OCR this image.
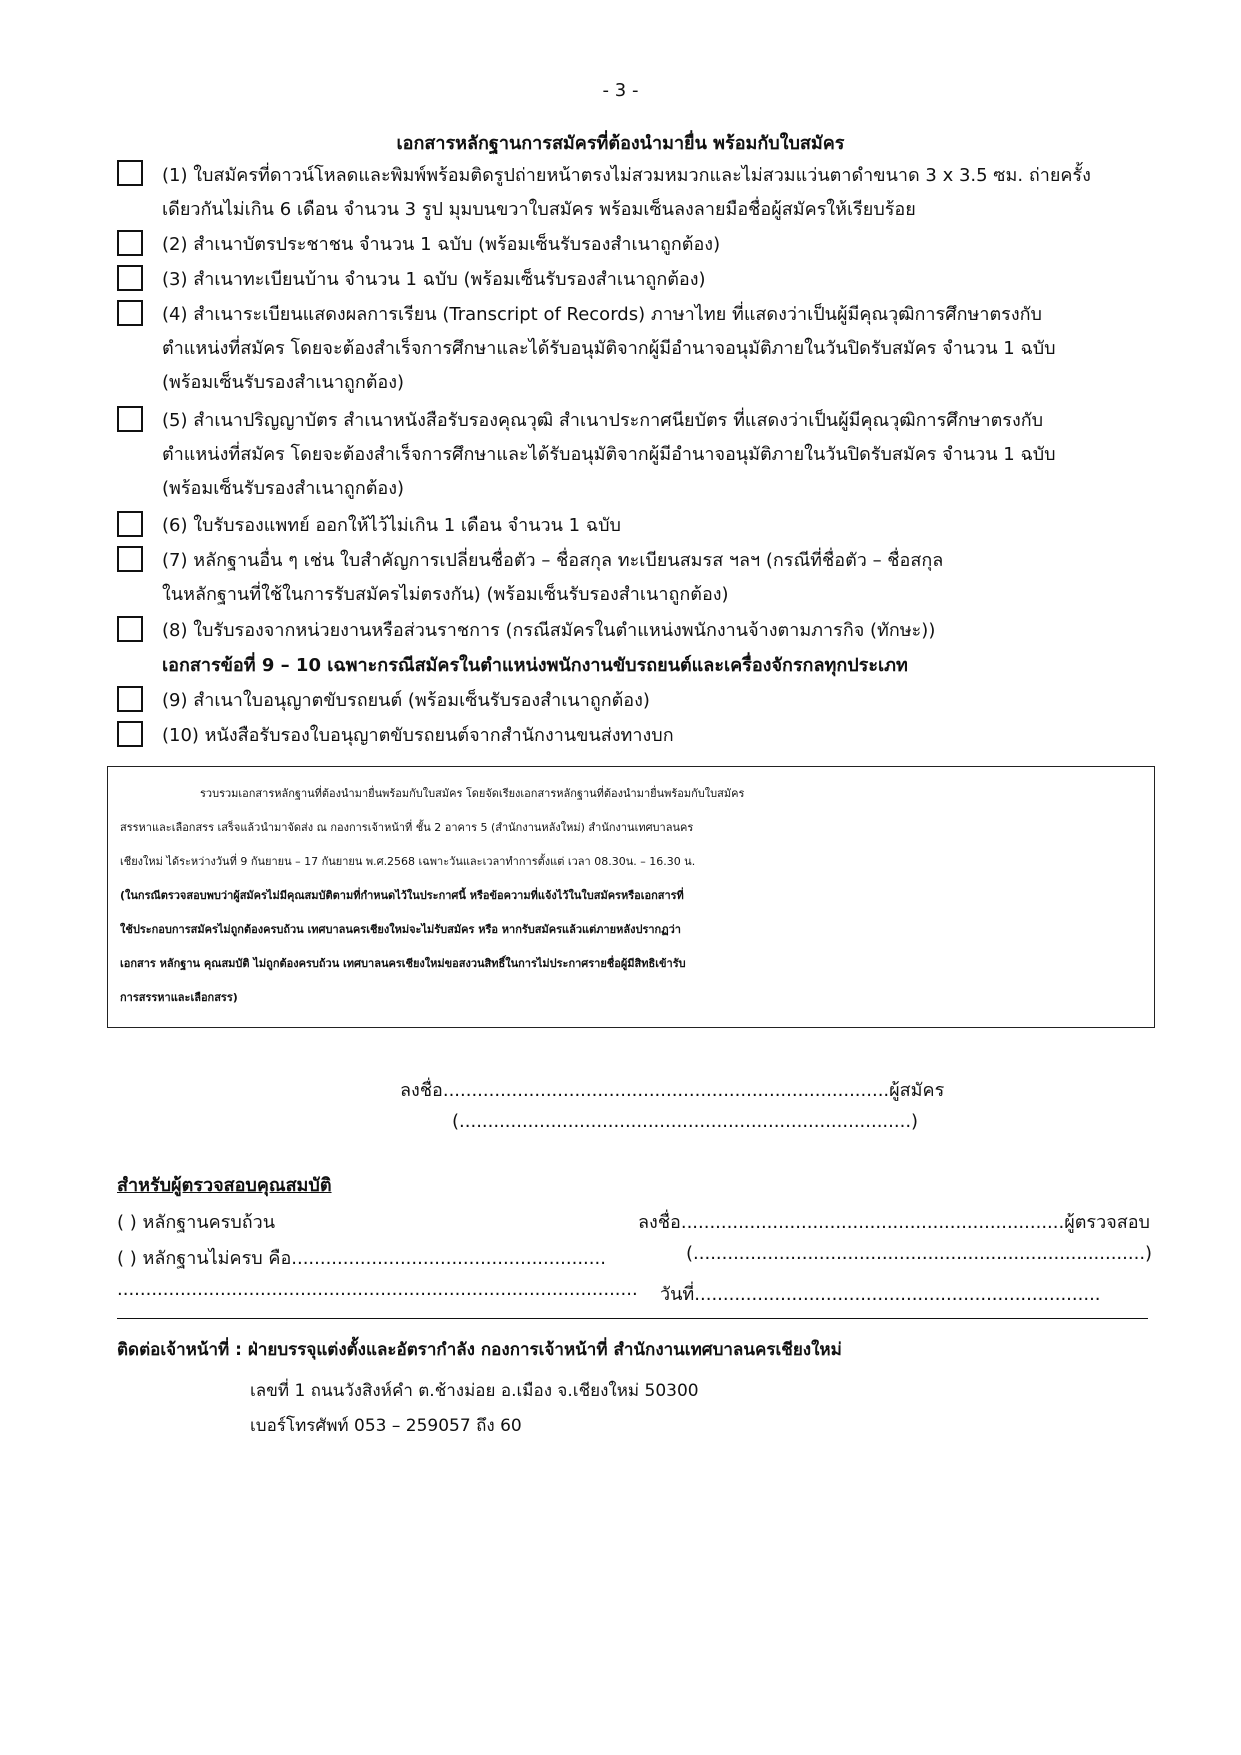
- 3 -
เอกสารหลักฐานการสมัครที่ต้องนำมายื่น พร้อมกับใบสมัคร
(1) ใบสมัครที่ดาวน์โหลดและพิมพ์พร้อมติดรูปถ่ายหน้าตรงไม่สวมหมวกและไม่สวมแว่นตาดำขนาด 3 x 3.5 ซม. ถ่ายครั้ง
เดียวกันไม่เกิน 6 เดือน จำนวน 3 รูป มุมบนขวาใบสมัคร พร้อมเซ็นลงลายมือชื่อผู้สมัครให้เรียบร้อย
(2) สำเนาบัตรประชาชน จำนวน 1 ฉบับ (พร้อมเซ็นรับรองสำเนาถูกต้อง)
(3) สำเนาทะเบียนบ้าน จำนวน 1 ฉบับ (พร้อมเซ็นรับรองสำเนาถูกต้อง)
(4) สำเนาระเบียนแสดงผลการเรียน (Transcript of Records) ภาษาไทย ที่แสดงว่าเป็นผู้มีคุณวุฒิการศึกษาตรงกับ
ตำแหน่งที่สมัคร โดยจะต้องสำเร็จการศึกษาและได้รับอนุมัติจากผู้มีอำนาจอนุมัติภายในวันปิดรับสมัคร จำนวน 1 ฉบับ
(พร้อมเซ็นรับรองสำเนาถูกต้อง)
(5) สำเนาปริญญาบัตร สำเนาหนังสือรับรองคุณวุฒิ สำเนาประกาศนียบัตร ที่แสดงว่าเป็นผู้มีคุณวุฒิการศึกษาตรงกับ
ตำแหน่งที่สมัคร โดยจะต้องสำเร็จการศึกษาและได้รับอนุมัติจากผู้มีอำนาจอนุมัติภายในวันปิดรับสมัคร จำนวน 1 ฉบับ
(พร้อมเซ็นรับรองสำเนาถูกต้อง)
(6) ใบรับรองแพทย์ ออกให้ไว้ไม่เกิน 1 เดือน จำนวน 1 ฉบับ
(7) หลักฐานอื่น ๆ เช่น ใบสำคัญการเปลี่ยนชื่อตัว – ชื่อสกุล ทะเบียนสมรส ฯลฯ (กรณีที่ชื่อตัว – ชื่อสกุล
ในหลักฐานที่ใช้ในการรับสมัครไม่ตรงกัน) (พร้อมเซ็นรับรองสำเนาถูกต้อง)
(8) ใบรับรองจากหน่วยงานหรือส่วนราชการ (กรณีสมัครในตำแหน่งพนักงานจ้างตามภารกิจ (ทักษะ))
เอกสารข้อที่ 9 – 10 เฉพาะกรณีสมัครในตำแหน่งพนักงานขับรถยนต์และเครื่องจักรกลทุกประเภท
(9) สำเนาใบอนุญาตขับรถยนต์ (พร้อมเซ็นรับรองสำเนาถูกต้อง)
(10) หนังสือรับรองใบอนุญาตขับรถยนต์จากสำนักงานขนส่งทางบก

รวบรวมเอกสารหลักฐานที่ต้องนำมายื่นพร้อมกับใบสมัคร โดยจัดเรียงเอกสารหลักฐานที่ต้องนำมายื่นพร้อมกับใบสมัคร

สรรหาและเลือกสรร เสร็จแล้วนำมาจัดส่ง ณ กองการเจ้าหน้าที่ ชั้น 2 อาคาร 5 (สำนักงานหลังใหม่) สำนักงานเทศบาลนคร

เชียงใหม่ ได้ระหว่างวันที่ 9 กันยายน – 17 กันยายน พ.ศ.2568 เฉพาะวันและเวลาทำการตั้งแต่ เวลา 08.30น. – 16.30 น.

(ในกรณีตรวจสอบพบว่าผู้สมัครไม่มีคุณสมบัติตามที่กำหนดไว้ในประกาศนี้ หรือข้อความที่แจ้งไว้ในใบสมัครหรือเอกสารที่

ใช้ประกอบการสมัครไม่ถูกต้องครบถ้วน เทศบาลนครเชียงใหม่จะไม่รับสมัคร หรือ หากรับสมัครแล้วแต่ภายหลังปรากฏว่า

เอกสาร หลักฐาน คุณสมบัติ ไม่ถูกต้องครบถ้วน เทศบาลนครเชียงใหม่ขอสงวนสิทธิ์ในการไม่ประกาศรายชื่อผู้มีสิทธิเข้ารับ

การสรรหาและเลือกสรร)

ลงชื่อ..............................................................................ผู้สมัคร
(...............................................................................)
สำหรับผู้ตรวจสอบคุณสมบัติ
( ) หลักฐานครบถ้วน
( ) หลักฐานไม่ครบ คือ.......................................................
...........................................................................................
ลงชื่อ...................................................................ผู้ตรวจสอบ
(...............................................................................)
วันที่.......................................................................
ติดต่อเจ้าหน้าที่ : ฝ่ายบรรจุแต่งตั้งและอัตรากำลัง กองการเจ้าหน้าที่ สำนักงานเทศบาลนครเชียงใหม่
เลขที่ 1 ถนนวังสิงห์คำ ต.ช้างม่อย อ.เมือง จ.เชียงใหม่ 50300
เบอร์โทรศัพท์ 053 – 259057 ถึง 60
